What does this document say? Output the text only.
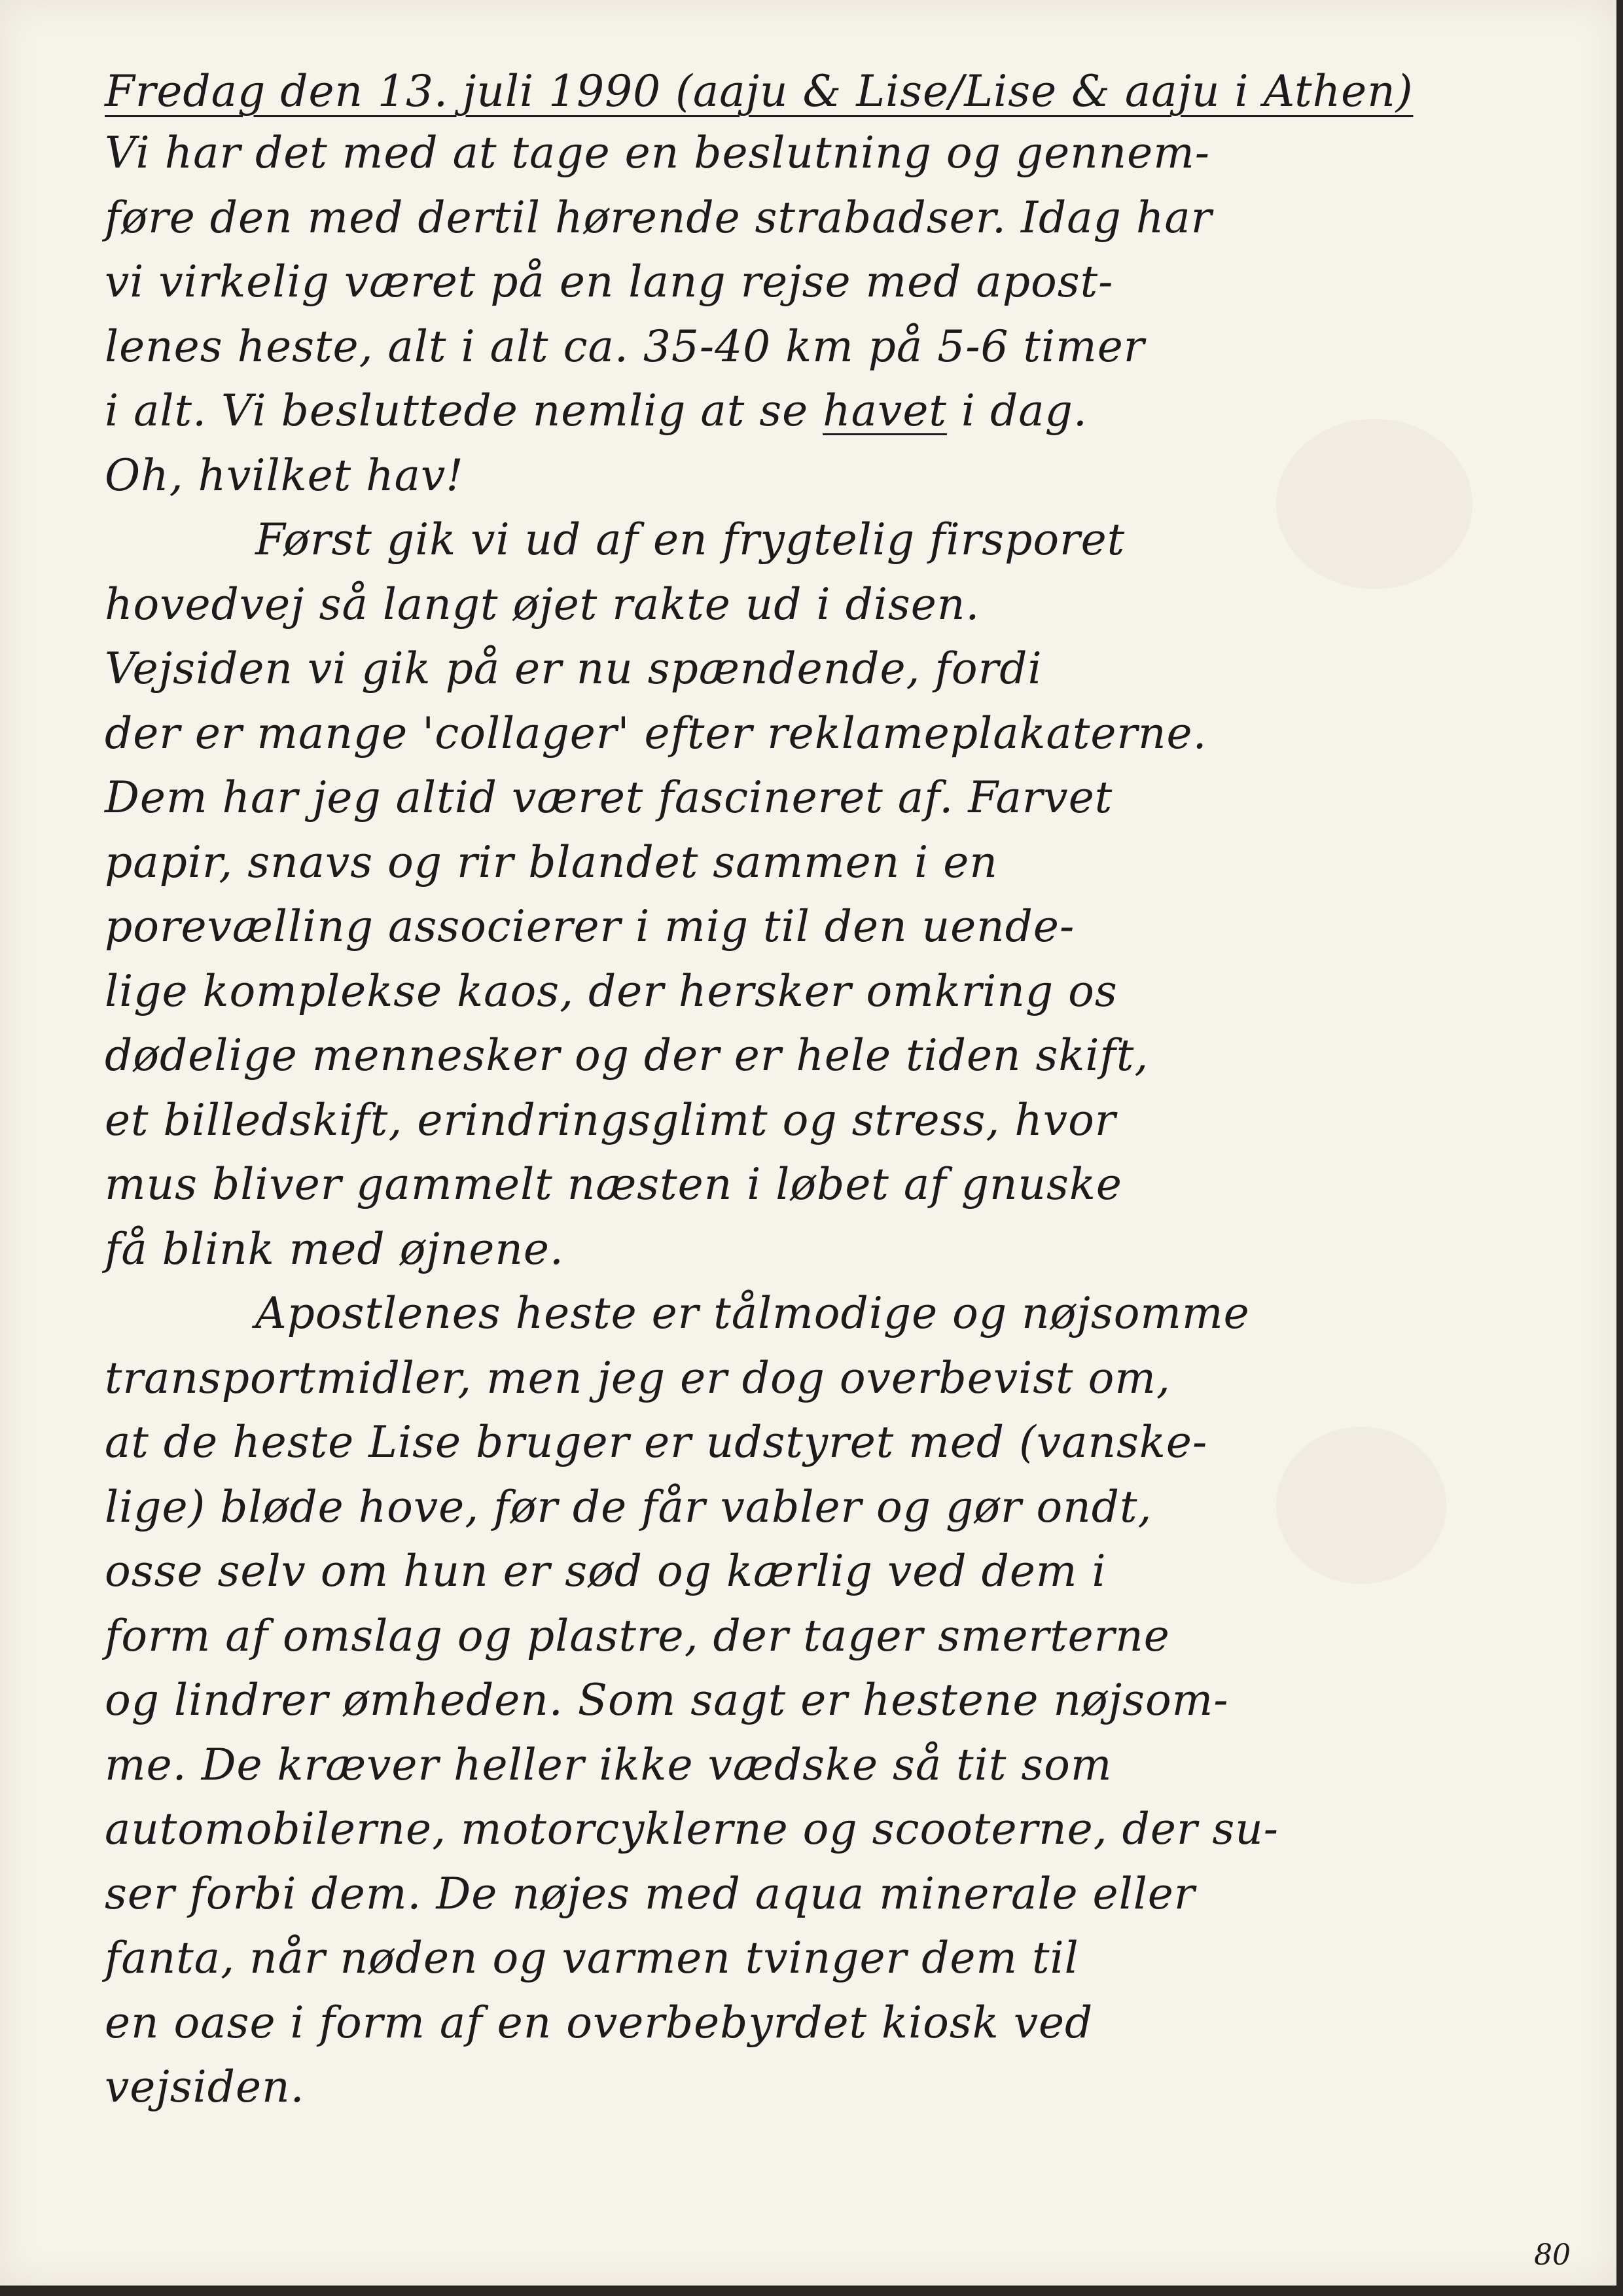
Fredag den 13. juli 1990 (aaju & Lise/Lise & aaju i Athen)
Vi har det med at tage en beslutning og gennem-
føre den med dertil hørende strabadser. Idag har
vi virkelig været på en lang rejse med apost-
lenes heste, alt i alt ca. 35-40 km på 5-6 timer
i alt. Vi besluttede nemlig at se havet i dag.
Oh, hvilket hav!
Først gik vi ud af en frygtelig firsporet
hovedvej så langt øjet rakte ud i disen.
Vejsiden vi gik på er nu spændende, fordi
der er mange 'collager' efter reklameplakaterne.
Dem har jeg altid været fascineret af. Farvet
papir, snavs og rir blandet sammen i en
porevælling associerer i mig til den uende-
lige komplekse kaos, der hersker omkring os
dødelige mennesker og der er hele tiden skift,
et billedskift, erindringsglimt og stress, hvor
mus bliver gammelt næsten i løbet af gnuske
få blink med øjnene.
Apostlenes heste er tålmodige og nøjsomme
transportmidler, men jeg er dog overbevist om,
at de heste Lise bruger er udstyret med (vanske-
lige) bløde hove, før de får vabler og gør ondt,
osse selv om hun er sød og kærlig ved dem i
form af omslag og plastre, der tager smerterne
og lindrer ømheden. Som sagt er hestene nøjsom-
me. De kræver heller ikke vædske så tit som
automobilerne, motorcyklerne og scooterne, der su-
ser forbi dem. De nøjes med aqua minerale eller
fanta, når nøden og varmen tvinger dem til
en oase i form af en overbebyrdet kiosk ved
vejsiden.
80
